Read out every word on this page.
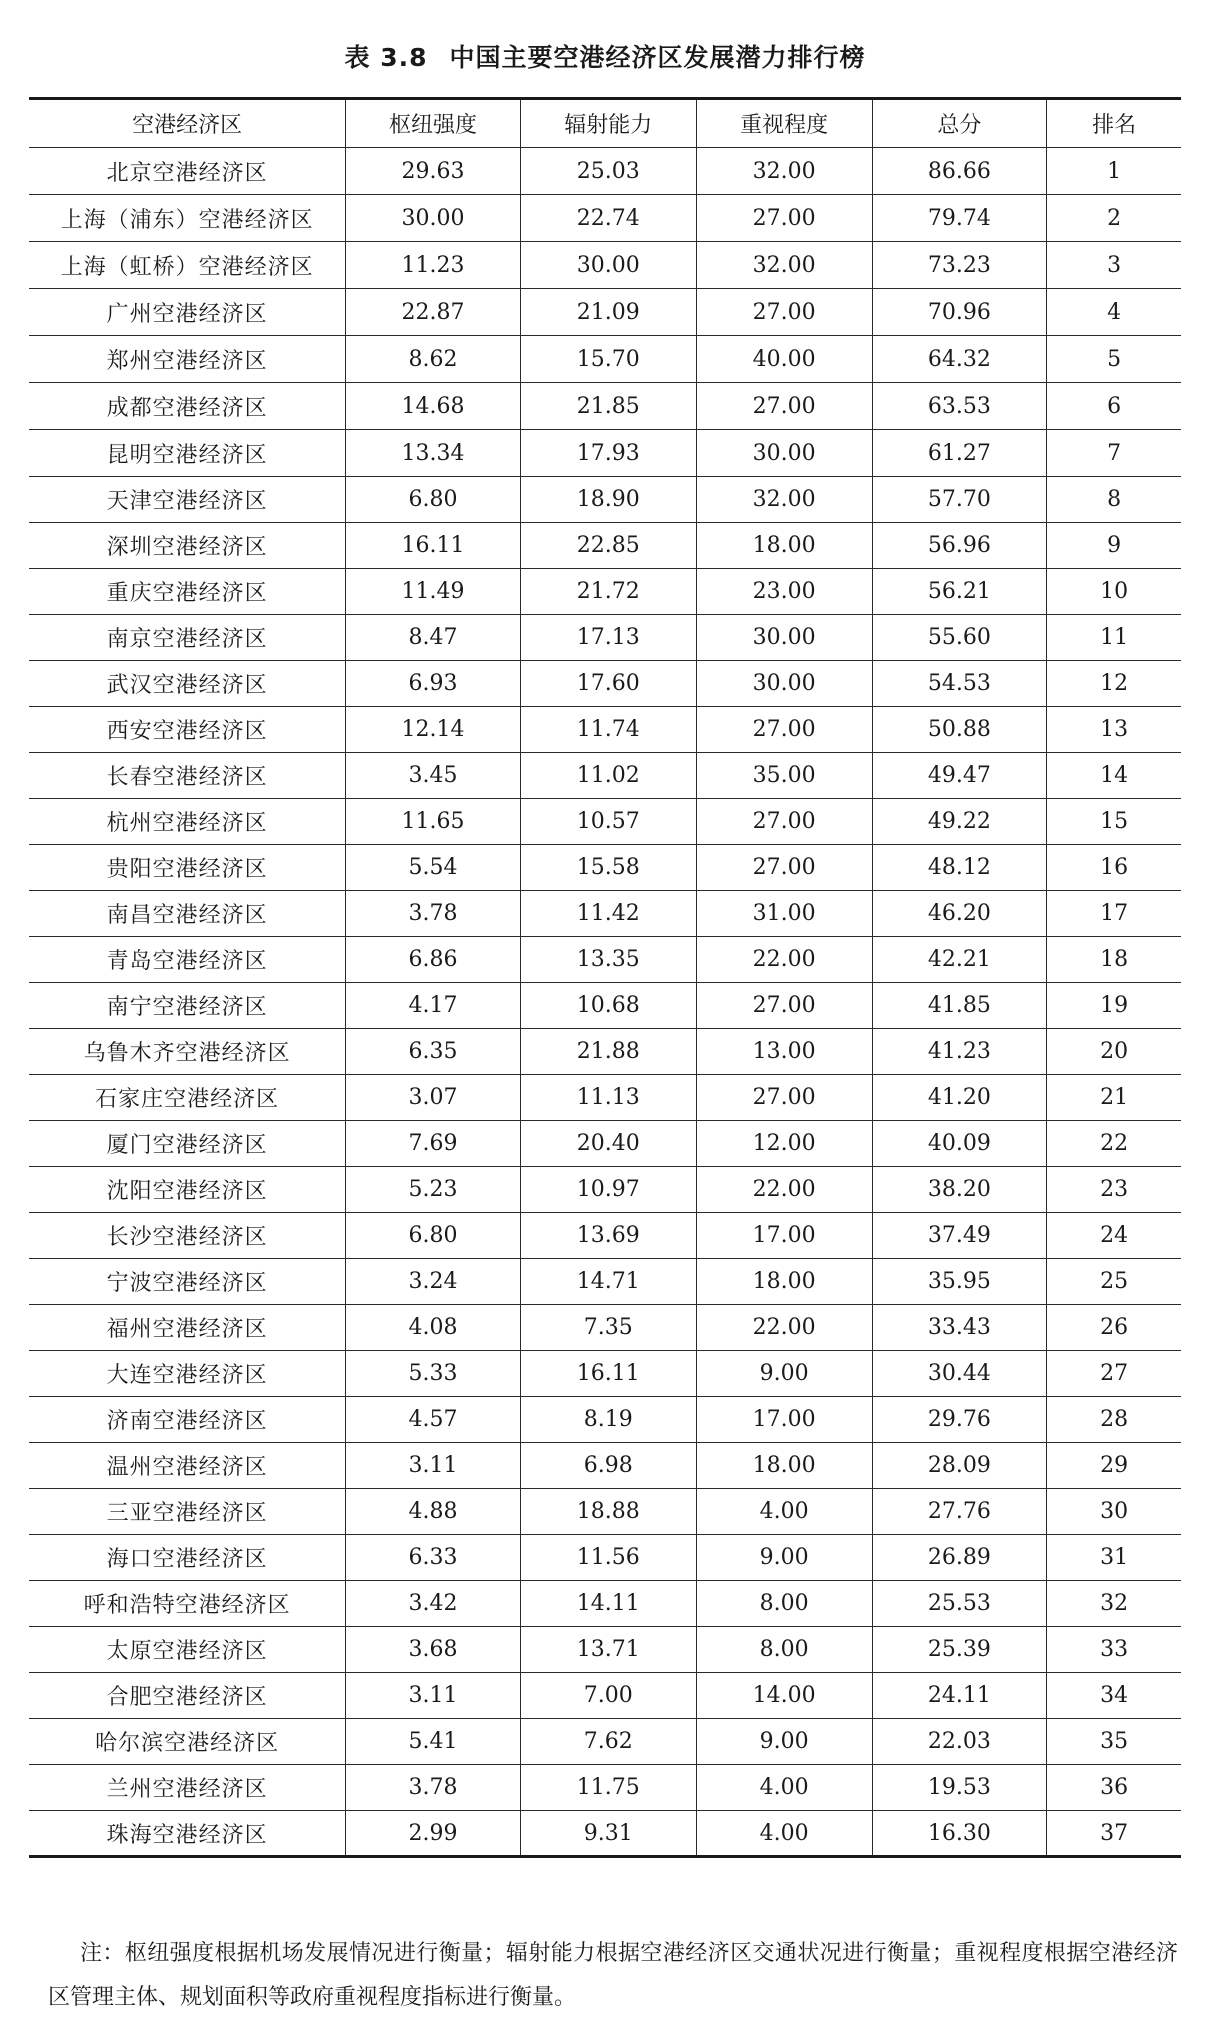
表 3.8 中国主要空港经济区发展潜力排行榜
空港经济区	枢纽强度	辐射能力	重视程度	总分	排名
北京空港经济区	29.63	25.03	32.00	86.66	1
上海（浦东）空港经济区	30.00	22.74	27.00	79.74	2
上海（虹桥）空港经济区	11.23	30.00	32.00	73.23	3
广州空港经济区	22.87	21.09	27.00	70.96	4
郑州空港经济区	8.62	15.70	40.00	64.32	5
成都空港经济区	14.68	21.85	27.00	63.53	6
昆明空港经济区	13.34	17.93	30.00	61.27	7
天津空港经济区	6.80	18.90	32.00	57.70	8
深圳空港经济区	16.11	22.85	18.00	56.96	9
重庆空港经济区	11.49	21.72	23.00	56.21	10
南京空港经济区	8.47	17.13	30.00	55.60	11
武汉空港经济区	6.93	17.60	30.00	54.53	12
西安空港经济区	12.14	11.74	27.00	50.88	13
长春空港经济区	3.45	11.02	35.00	49.47	14
杭州空港经济区	11.65	10.57	27.00	49.22	15
贵阳空港经济区	5.54	15.58	27.00	48.12	16
南昌空港经济区	3.78	11.42	31.00	46.20	17
青岛空港经济区	6.86	13.35	22.00	42.21	18
南宁空港经济区	4.17	10.68	27.00	41.85	19
乌鲁木齐空港经济区	6.35	21.88	13.00	41.23	20
石家庄空港经济区	3.07	11.13	27.00	41.20	21
厦门空港经济区	7.69	20.40	12.00	40.09	22
沈阳空港经济区	5.23	10.97	22.00	38.20	23
长沙空港经济区	6.80	13.69	17.00	37.49	24
宁波空港经济区	3.24	14.71	18.00	35.95	25
福州空港经济区	4.08	7.35	22.00	33.43	26
大连空港经济区	5.33	16.11	9.00	30.44	27
济南空港经济区	4.57	8.19	17.00	29.76	28
温州空港经济区	3.11	6.98	18.00	28.09	29
三亚空港经济区	4.88	18.88	4.00	27.76	30
海口空港经济区	6.33	11.56	9.00	26.89	31
呼和浩特空港经济区	3.42	14.11	8.00	25.53	32
太原空港经济区	3.68	13.71	8.00	25.39	33
合肥空港经济区	3.11	7.00	14.00	24.11	34
哈尔滨空港经济区	5.41	7.62	9.00	22.03	35
兰州空港经济区	3.78	11.75	4.00	19.53	36
珠海空港经济区	2.99	9.31	4.00	16.30	37
注：枢纽强度根据机场发展情况进行衡量；辐射能力根据空港经济区交通状况进行衡量；重视程度根据空港经济区管理主体、规划面积等政府重视程度指标进行衡量。
